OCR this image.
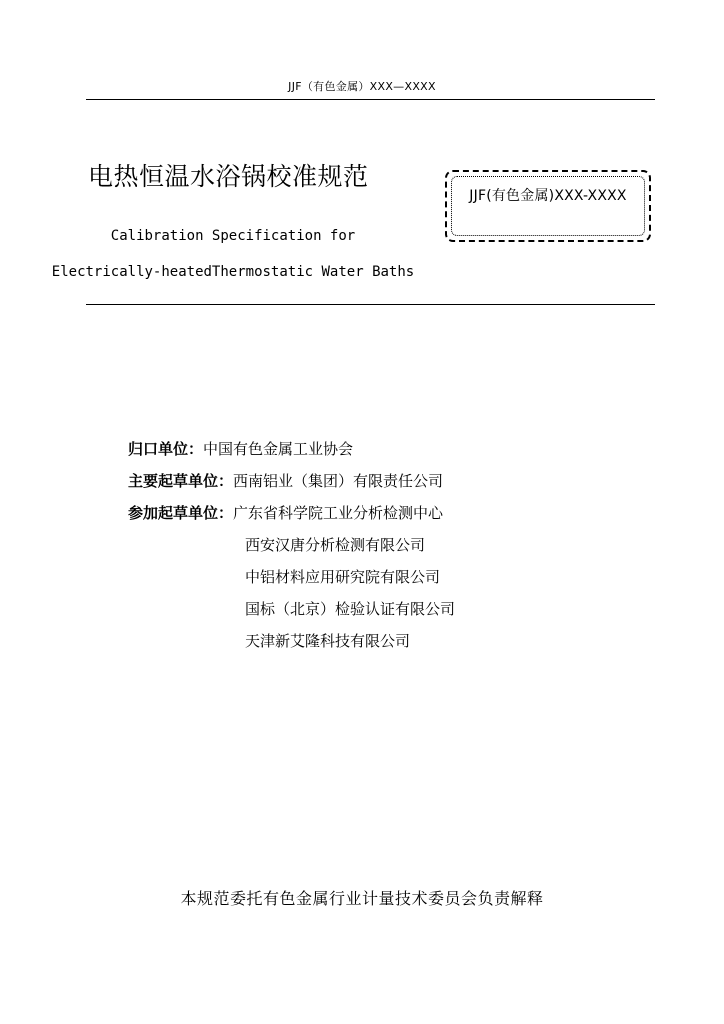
JJF（有色金属）XXX—XXXX
电热恒温水浴锅校准规范
Calibration Specification for
Electrically-heatedThermostatic Water Baths
JJF(有色金属)XXX-XXXX
归口单位：中国有色金属工业协会
主要起草单位：西南铝业（集团）有限责任公司
参加起草单位：广东省科学院工业分析检测中心
西安汉唐分析检测有限公司
中铝材料应用研究院有限公司
国标（北京）检验认证有限公司
天津新艾隆科技有限公司
本规范委托有色金属行业计量技术委员会负责解释
